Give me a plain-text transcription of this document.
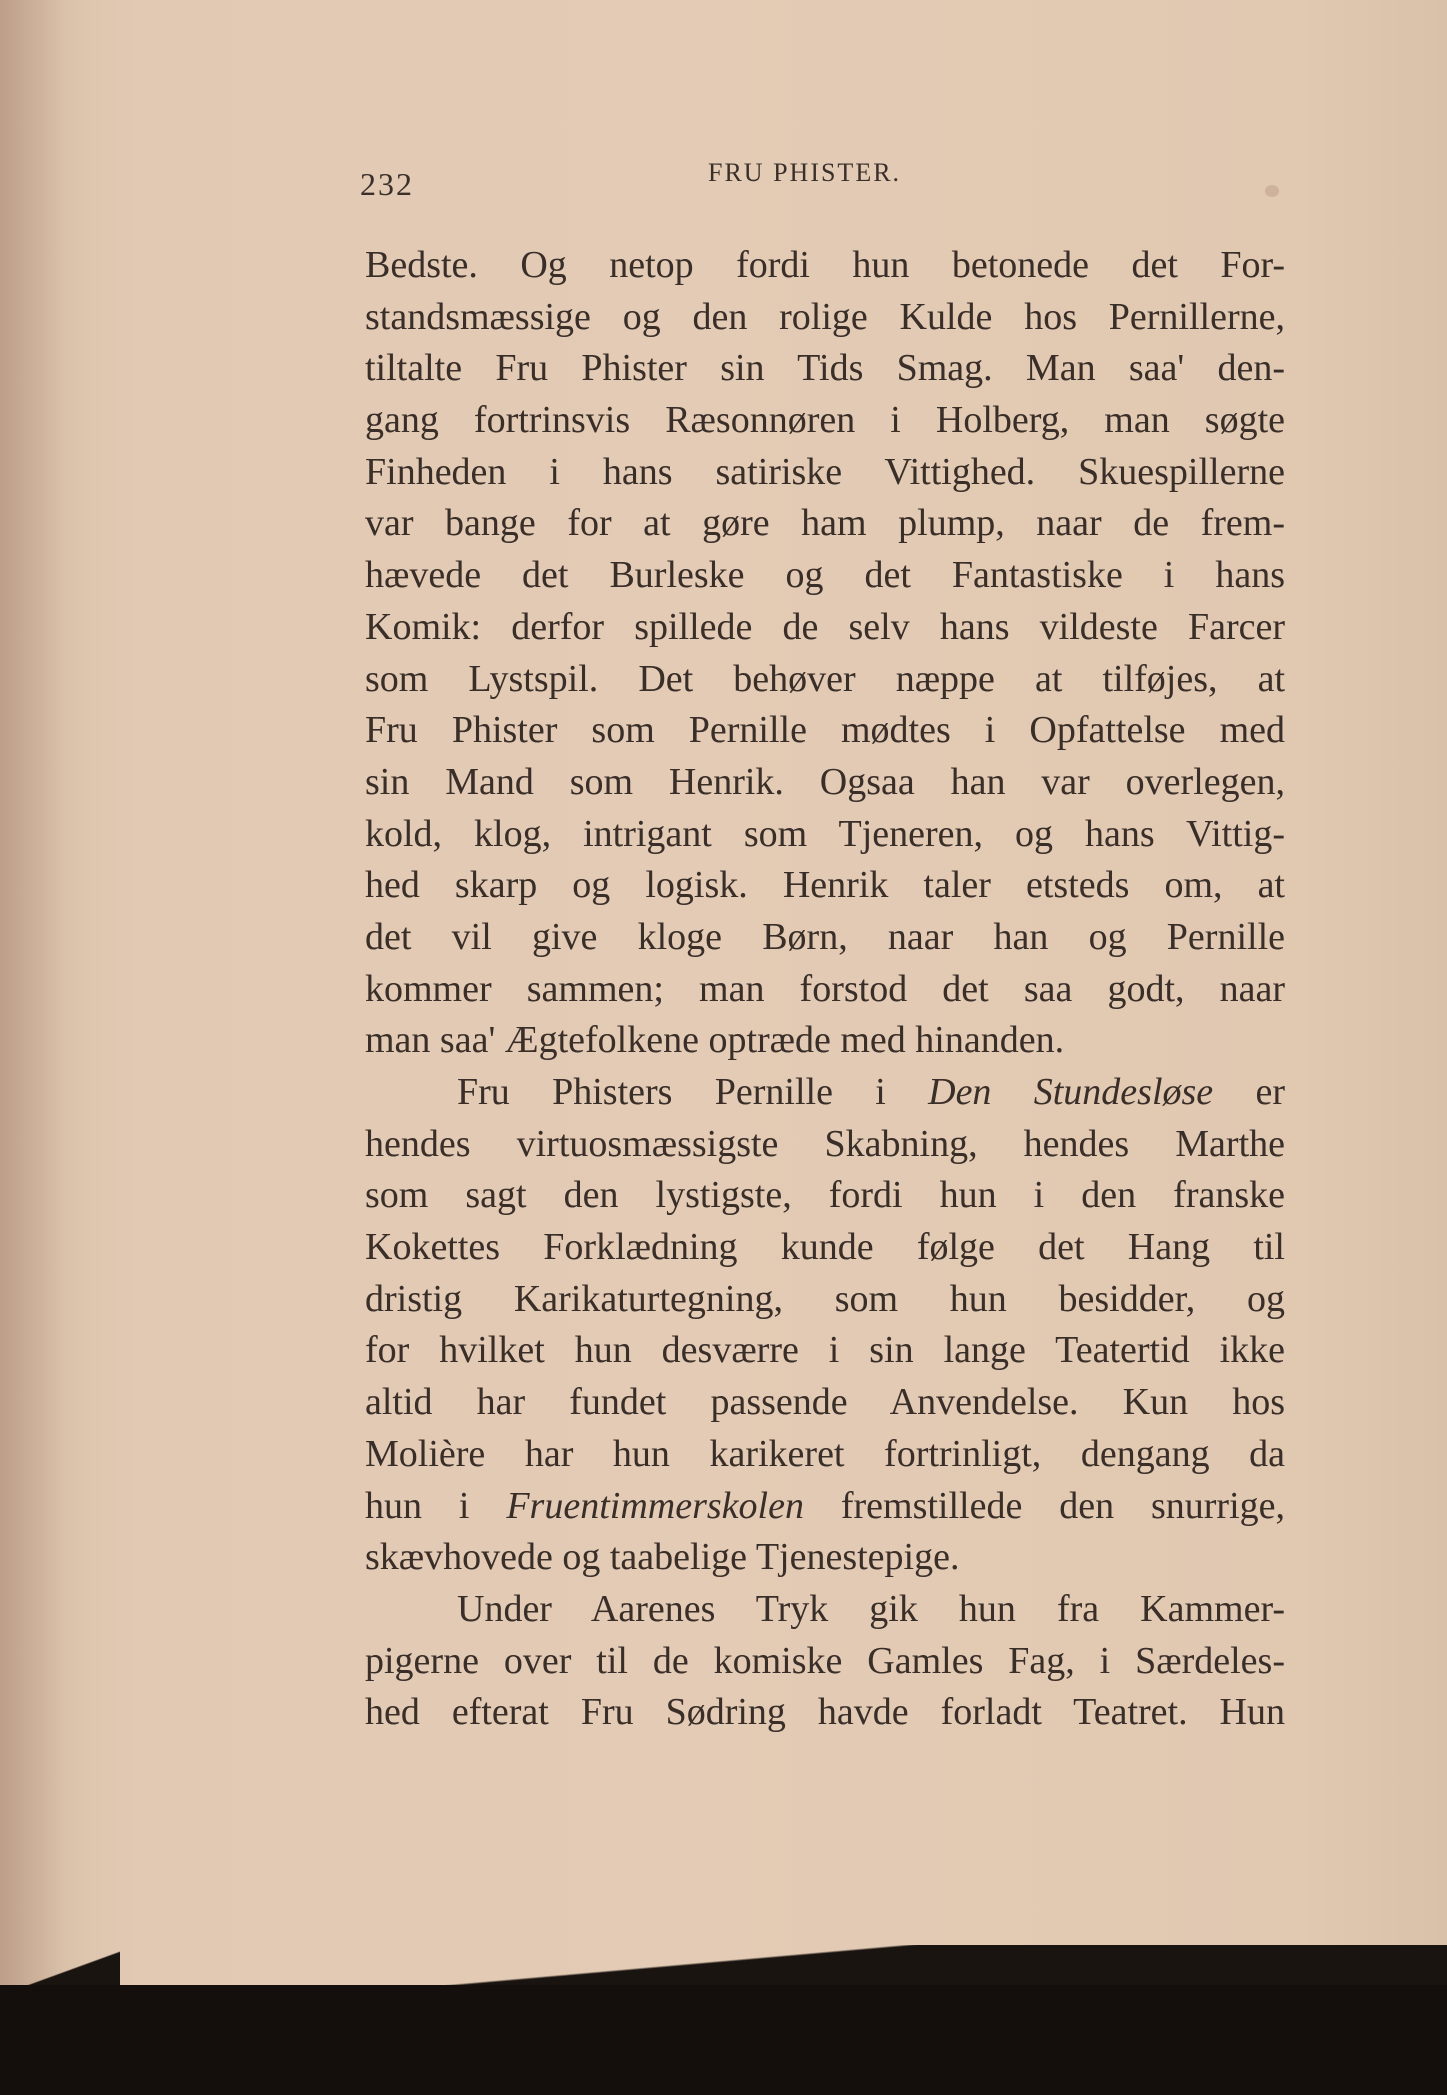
232	FRU PHISTER.
Bedste. Og netop fordi hun betonede det For-
standsmæssige og den rolige Kulde hos Pernillerne,
tiltalte Fru Phister sin Tids Smag. Man saa' den-
gang fortrinsvis Ræsonnøren i Holberg, man søgte
Finheden i hans satiriske Vittighed. Skuespillerne
var bange for at gøre ham plump, naar de frem-
hævede det Burleske og det Fantastiske i hans
Komik: derfor spillede de selv hans vildeste Farcer
som Lystspil. Det behøver næppe at tilføjes, at
Fru Phister som Pernille mødtes i Opfattelse med
sin Mand som Henrik. Ogsaa han var overlegen,
kold, klog, intrigant som Tjeneren, og hans Vittig-
hed skarp og logisk. Henrik taler etsteds om, at
det vil give kloge Børn, naar han og Pernille
kommer sammen; man forstod det saa godt, naar
man saa' Ægtefolkene optræde med hinanden.
Fru Phisters Pernille i Den Stundesløse er
hendes virtuosmæssigste Skabning, hendes Marthe
som sagt den lystigste, fordi hun i den franske
Kokettes Forklædning kunde følge det Hang til
dristig Karikaturtegning, som hun besidder, og
for hvilket hun desværre i sin lange Teatertid ikke
altid har fundet passende Anvendelse. Kun hos
Molière har hun karikeret fortrinligt, dengang da
hun i Fruentimmerskolen fremstillede den snurrige,
skævhovede og taabelige Tjenestepige.
Under Aarenes Tryk gik hun fra Kammer-
pigerne over til de komiske Gamles Fag, i Særdeles-
hed efterat Fru Sødring havde forladt Teatret. Hun
